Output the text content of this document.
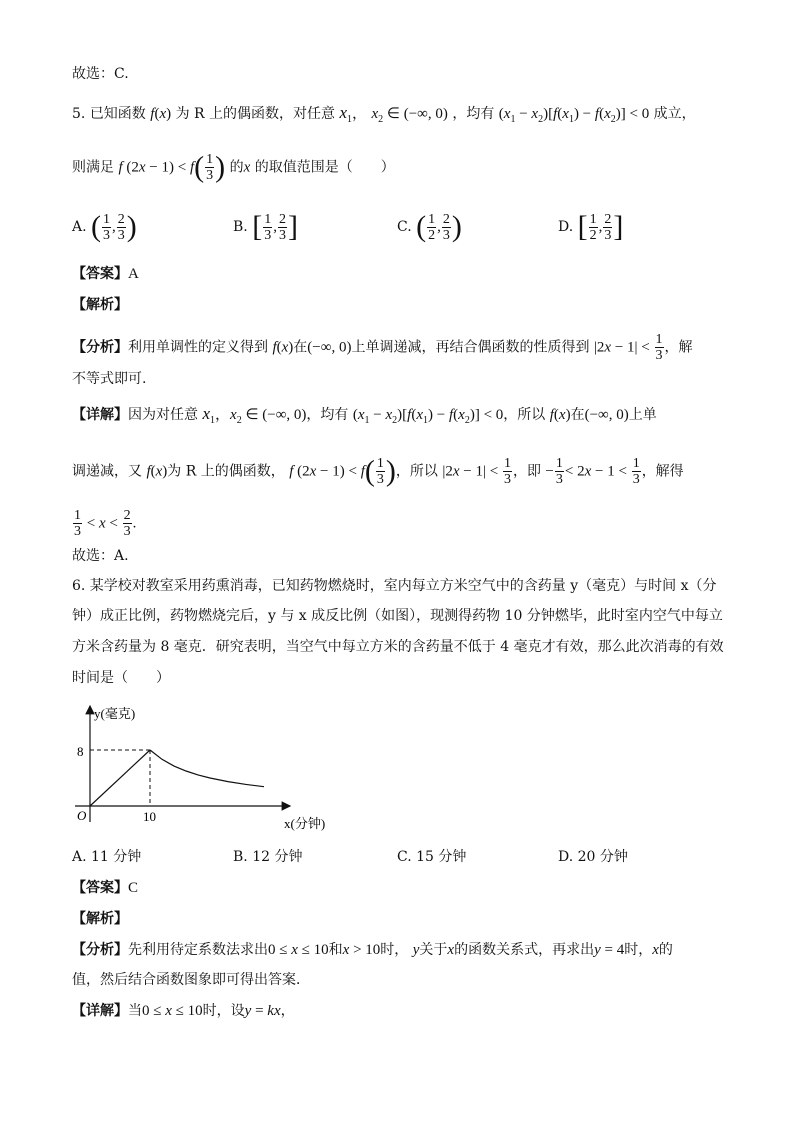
故选：C.
5. 已知函数 f(x) 为 R 上的偶函数，对任意 $x_1$， $x_2$ ∈ (−∞, 0) ，均有 $(x_1 - x_2)[f(x_1) - f(x_2)] < 0$ 成立，
则满足 f $(2x - 1) < f( \frac{1}{3}$ ) 的x 的取值范围是（　　）
A. ( $\frac{1}{3}$ , $\frac{2}{3}$ )	B. [ $\frac{1}{3}$ , $\frac{2}{3}$ ]	C. ( $\frac{1}{2}$ , $\frac{2}{3}$ )	D. [ $\frac{1}{2}$ , $\frac{2}{3}$ ]
【答案】A
【解析】
【分析】利用单调性的定义得到 f(x)在(−∞, 0)上单调递减，再结合偶函数的性质得到 $|2x - 1| < \frac{1}{3}$ ，解
不等式即可.
【详解】因为对任意 $x_1$，$x_2$ ∈ (−∞, 0)，均有 $(x_1 - x_2)[f(x_1) - f(x_2)] < 0$，所以 f(x)在(−∞, 0)上单
调递减，又 f(x)为 R 上的偶函数， f $(2x - 1) < f( \frac{1}{3}$ )，所以 $|2x - 1| < \frac{1}{3}$ ，即 − $\frac{1}{3} < 2x - 1 < \frac{1}{3}$ ，解得
$\frac{1}{3} < x < \frac{2}{3}$ .
故选：A.
6. 某学校对教室采用药熏消毒，已知药物燃烧时，室内每立方米空气中的含药量 y（毫克）与时间 x（分
钟）成正比例，药物燃烧完后，y 与 x 成反比例（如图），现测得药物 10 分钟燃毕，此时室内空气中每立
方米含药量为 8 毫克．研究表明，当空气中每立方米的含药量不低于 4 毫克才有效，那么此次消毒的有效
时间是（　　）
y(毫克)
x(分钟)
O
8
10
A. 11 分钟	B. 12 分钟	C. 15 分钟	D. 20 分钟
【答案】C
【解析】
【分析】先利用待定系数法求出0 ≤ x ≤ 10和x > 10时， y关于x的函数关系式，再求出y = 4时，x的
值，然后结合函数图象即可得出答案．
【详解】当0 ≤ x ≤ 10时，设y = kx，
